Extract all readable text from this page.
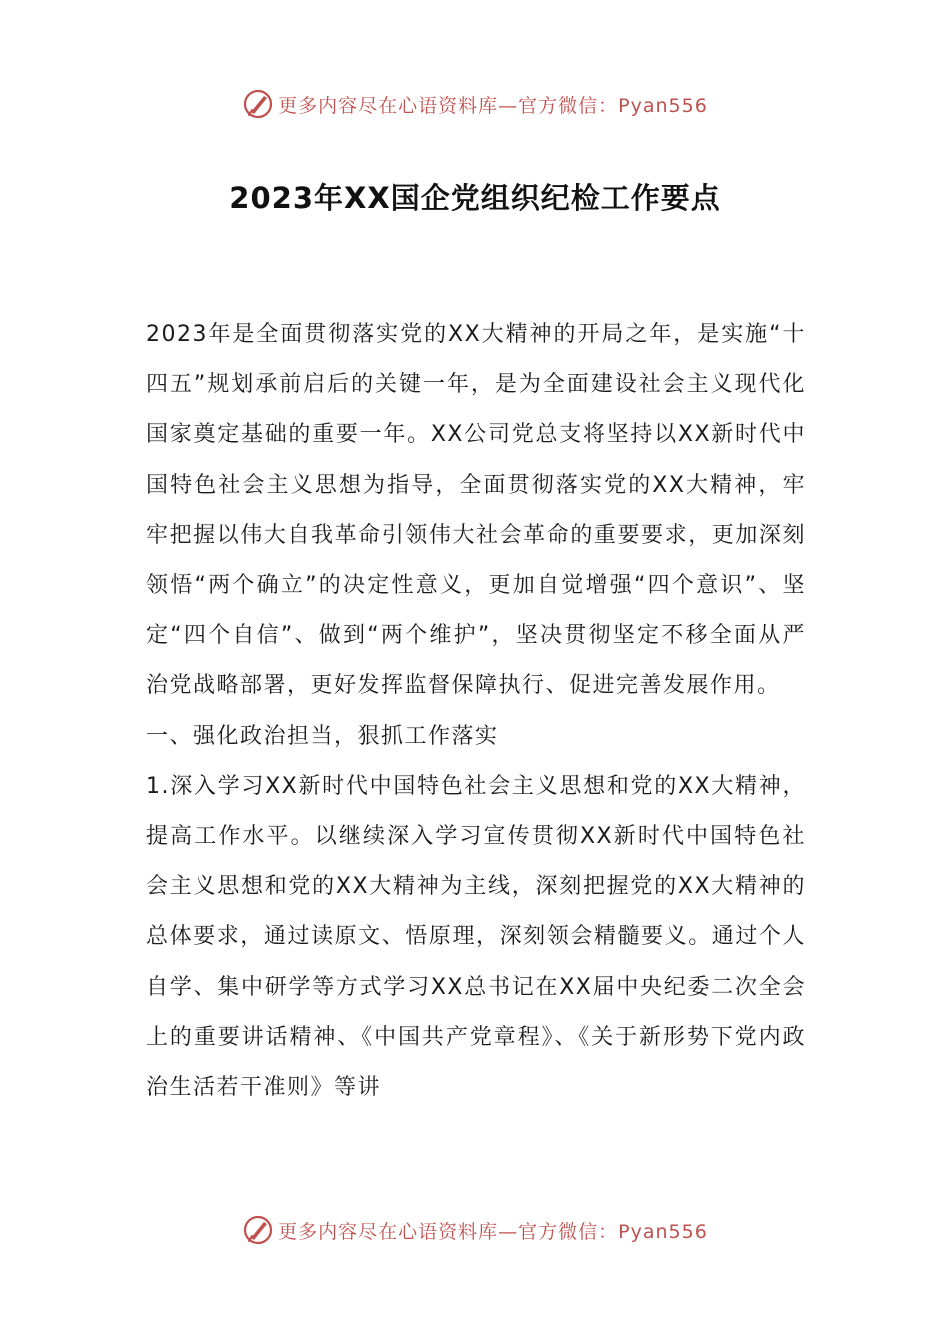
更多内容尽在心语资料库—官方微信：Pyan556
2023年XX国企党组织纪检工作要点

2023年是全面贯彻落实党的XX大精神的开局之年，是实施“十四五”规划承前启后的关键一年，是为全面建设社会主义现代化国家奠定基础的重要一年。XX公司党总支将坚持以XX新时代中国特色社会主义思想为指导，全面贯彻落实党的XX大精神，牢牢把握以伟大自我革命引领伟大社会革命的重要要求，更加深刻领悟“两个确立”的决定性意义，更加自觉增强“四个意识”、坚定“四个自信”、做到“两个维护”，坚决贯彻坚定不移全面从严治党战略部署，更好发挥监督保障执行、促进完善发展作用。

一、强化政治担当，狠抓工作落实

1.深入学习XX新时代中国特色社会主义思想和党的XX大精神，提高工作水平。以继续深入学习宣传贯彻XX新时代中国特色社会主义思想和党的XX大精神为主线，深刻把握党的XX大精神的总体要求，通过读原文、悟原理，深刻领会精髓要义。通过个人自学、集中研学等方式学习XX总书记在XX届中央纪委二次全会上的重要讲话精神、《中国共产党章程》、《关于新形势下党内政治生活若干准则》等讲

更多内容尽在心语资料库—官方微信：Pyan556
